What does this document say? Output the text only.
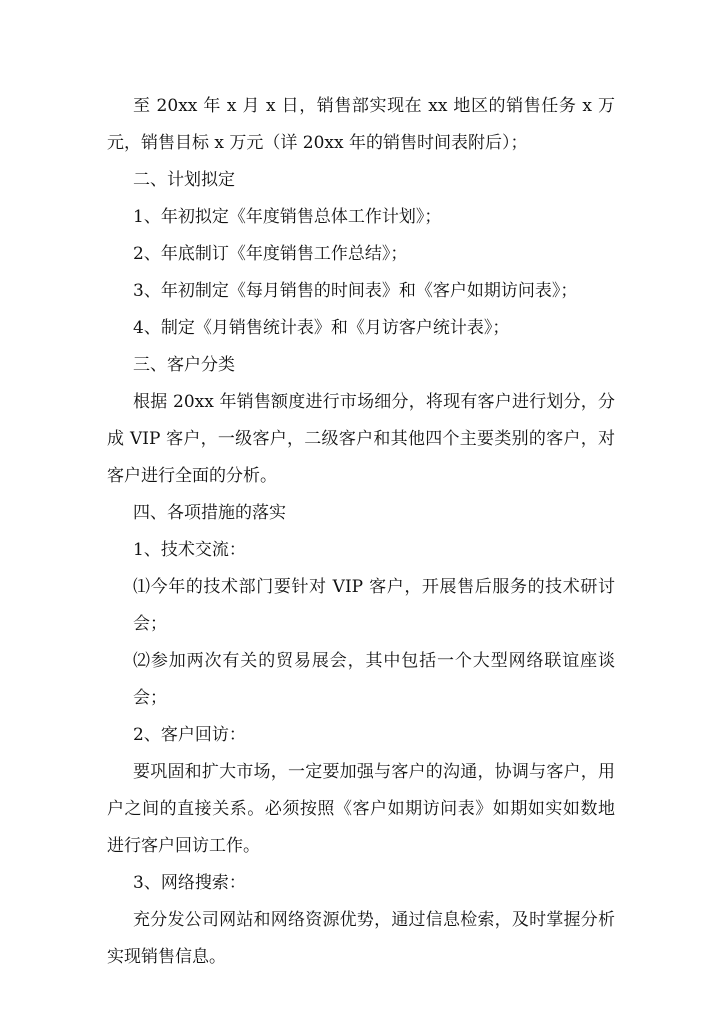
至 20xx 年 x 月 x 日，销售部实现在 xx 地区的销售任务 x 万元，销售目标 x 万元（详 20xx 年的销售时间表附后）；

二、计划拟定

1、年初拟定《年度销售总体工作计划》；

2、年底制订《年度销售工作总结》；

3、年初制定《每月销售的时间表》和《客户如期访问表》；

4、制定《月销售统计表》和《月访客户统计表》；

三、客户分类

根据 20xx 年销售额度进行市场细分，将现有客户进行划分，分成 VIP 客户，一级客户，二级客户和其他四个主要类别的客户，对客户进行全面的分析。

四、各项措施的落实

1、技术交流：

⑴今年的技术部门要针对 VIP 客户，开展售后服务的技术研讨会；

⑵参加两次有关的贸易展会，其中包括一个大型网络联谊座谈会；

2、客户回访：

要巩固和扩大市场，一定要加强与客户的沟通，协调与客户，用户之间的直接关系。必须按照《客户如期访问表》如期如实如数地进行客户回访工作。

3、网络搜索：

充分发公司网站和网络资源优势，通过信息检索，及时掌握分析实现销售信息。
